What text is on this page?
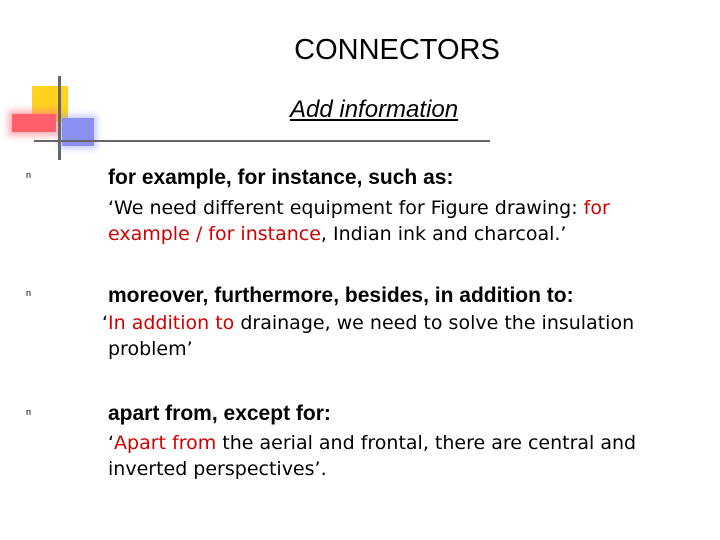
CONNECTORS
Add information
n	for example, for instance, such as:
‘We need different equipment for Figure drawing: for
example / for instance, Indian ink and charcoal.’
n	moreover, furthermore, besides, in addition to:
‘In addition to drainage, we need to solve the insulation
problem’
n	apart from, except for:
‘Apart from the aerial and frontal, there are central and
inverted perspectives’.
